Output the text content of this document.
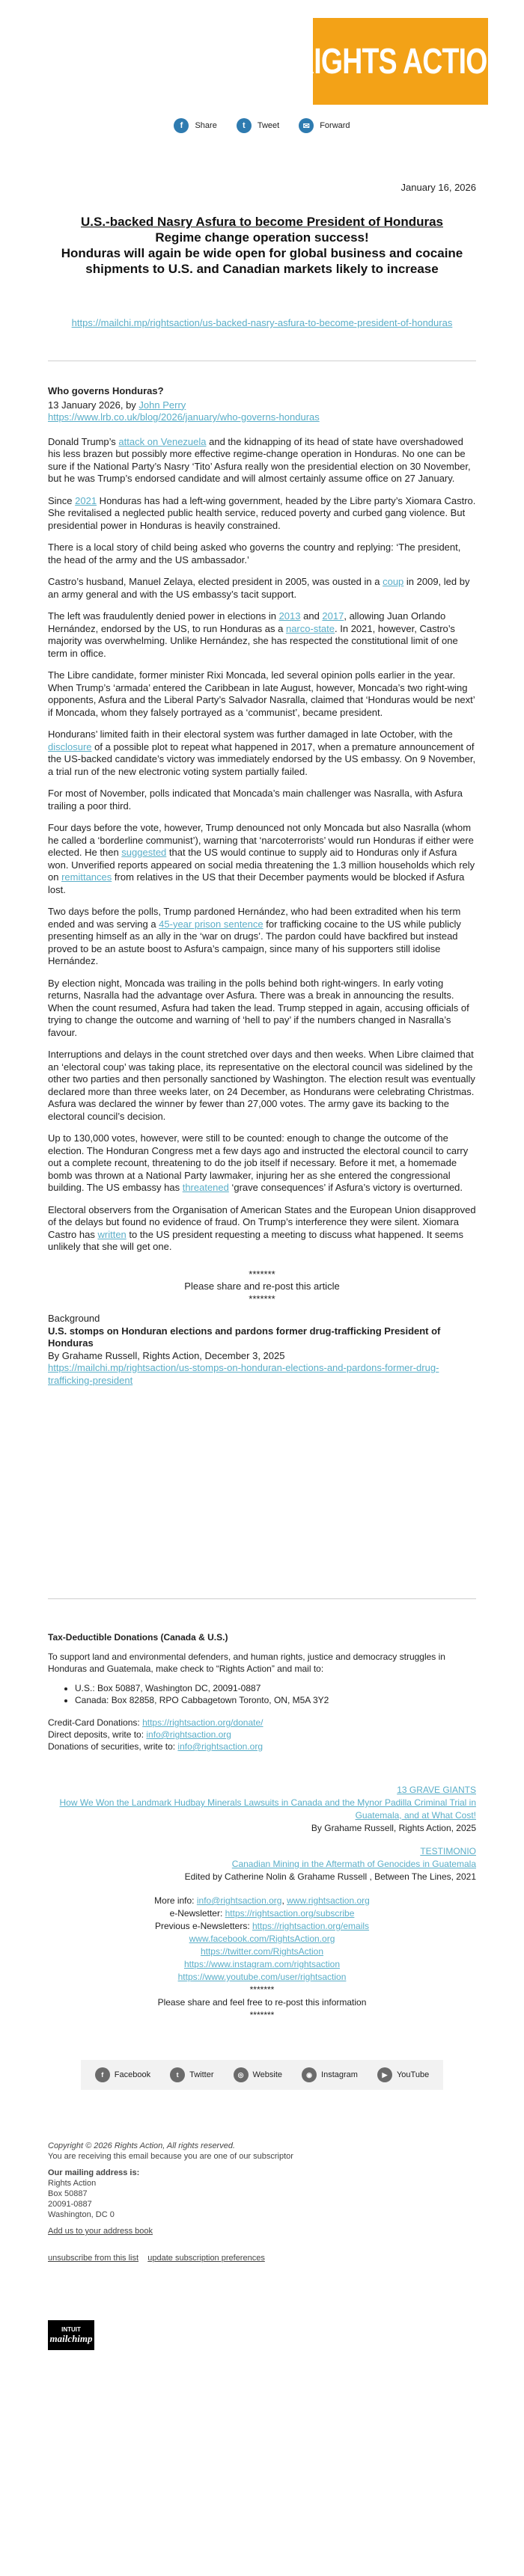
RIGHTS ACTION
f	Share	t	Tweet	✉	Forward
January 16, 2026
U.S.-backed Nasry Asfura to become President of Honduras
Regime change operation success!
Honduras will again be wide open for global business and cocaine shipments to U.S. and Canadian markets likely to increase
https://mailchi.mp/rightsaction/us-backed-nasry-asfura-to-become-president-of-honduras
Who governs Honduras?
13 January 2026, by John Perry
https://www.lrb.co.uk/blog/2026/january/who-governs-honduras

Donald Trump’s attack on Venezuela and the kidnapping of its head of state have overshadowed his less brazen but possibly more effective regime-change operation in Honduras. No one can be sure if the National Party’s Nasry ‘Tito’ Asfura really won the presidential election on 30 November, but he was Trump’s endorsed candidate and will almost certainly assume office on 27 January.

Since 2021 Honduras has had a left-wing government, headed by the Libre party’s Xiomara Castro. She revitalised a neglected public health service, reduced poverty and curbed gang violence. But presidential power in Honduras is heavily constrained.

There is a local story of child being asked who governs the country and replying: ‘The president, the head of the army and the US ambassador.’

Castro’s husband, Manuel Zelaya, elected president in 2005, was ousted in a coup in 2009, led by an army general and with the US embassy’s tacit support.

The left was fraudulently denied power in elections in 2013 and 2017, allowing Juan Orlando Hernández, endorsed by the US, to run Honduras as a narco-state. In 2021, however, Castro’s majority was overwhelming. Unlike Hernández, she has respected the constitutional limit of one term in office.

The Libre candidate, former minister Rixi Moncada, led several opinion polls earlier in the year. When Trump’s ‘armada’ entered the Caribbean in late August, however, Moncada’s two right-wing opponents, Asfura and the Liberal Party’s Salvador Nasralla, claimed that ‘Honduras would be next’ if Moncada, whom they falsely portrayed as a ‘communist’, became president.

Hondurans’ limited faith in their electoral system was further damaged in late October, with the disclosure of a possible plot to repeat what happened in 2017, when a premature announcement of the US-backed candidate’s victory was immediately endorsed by the US embassy. On 9 November, a trial run of the new electronic voting system partially failed.

For most of November, polls indicated that Moncada’s main challenger was Nasralla, with Asfura trailing a poor third.

Four days before the vote, however, Trump denounced not only Moncada but also Nasralla (whom he called a ‘borderline communist’), warning that ‘narcoterrorists’ would run Honduras if either were elected. He then suggested that the US would continue to supply aid to Honduras only if Asfura won. Unverified reports appeared on social media threatening the 1.3 million households which rely on remittances from relatives in the US that their December payments would be blocked if Asfura lost.

Two days before the polls, Trump pardoned Hernández, who had been extradited when his term ended and was serving a 45-year prison sentence for trafficking cocaine to the US while publicly presenting himself as an ally in the ‘war on drugs’. The pardon could have backfired but instead proved to be an astute boost to Asfura’s campaign, since many of his supporters still idolise Hernández.

By election night, Moncada was trailing in the polls behind both right-wingers. In early voting returns, Nasralla had the advantage over Asfura. There was a break in announcing the results. When the count resumed, Asfura had taken the lead. Trump stepped in again, accusing officials of trying to change the outcome and warning of ‘hell to pay’ if the numbers changed in Nasralla’s favour.

Interruptions and delays in the count stretched over days and then weeks. When Libre claimed that an ‘electoral coup’ was taking place, its representative on the electoral council was sidelined by the other two parties and then personally sanctioned by Washington. The election result was eventually declared more than three weeks later, on 24 December, as Hondurans were celebrating Christmas. Asfura was declared the winner by fewer than 27,000 votes. The army gave its backing to the electoral council’s decision.

Up to 130,000 votes, however, were still to be counted: enough to change the outcome of the election. The Honduran Congress met a few days ago and instructed the electoral council to carry out a complete recount, threatening to do the job itself if necessary. Before it met, a homemade bomb was thrown at a National Party lawmaker, injuring her as she entered the congressional building. The US embassy has threatened ‘grave consequences’ if Asfura’s victory is overturned.

Electoral observers from the Organisation of American States and the European Union disapproved of the delays but found no evidence of fraud. On Trump’s interference they were silent. Xiomara Castro has written to the US president requesting a meeting to discuss what happened. It seems unlikely that she will get one.

*******
Please share and re-post this article
*******
Background
U.S. stomps on Honduran elections and pardons former drug-trafficking President of Honduras
By Grahame Russell, Rights Action, December 3, 2025
https://mailchi.mp/rightsaction/us-stomps-on-honduran-elections-and-pardons-former-drug-trafficking-president

Tax-Deductible Donations (Canada & U.S.)

To support land and environmental defenders, and human rights, justice and democracy struggles in Honduras and Guatemala, make check to “Rights Action” and mail to:

• U.S.: Box 50887, Washington DC, 20091-0887
• Canada: Box 82858, RPO Cabbagetown Toronto, ON, M5A 3Y2
Credit-Card Donations: https://rightsaction.org/donate/
Direct deposits, write to: info@rightsaction.org
Donations of securities, write to: info@rightsaction.org
13 GRAVE GIANTS
How We Won the Landmark Hudbay Minerals Lawsuits in Canada and the Mynor Padilla Criminal Trial in Guatemala, and at What Cost!
By Grahame Russell, Rights Action, 2025
TESTIMONIO
Canadian Mining in the Aftermath of Genocides in Guatemala
Edited by Catherine Nolin & Grahame Russell , Between The Lines, 2021
More info: info@rightsaction.org, www.rightsaction.org
e-Newsletter: https://rightsaction.org/subscribe
Previous e-Newsletters: https://rightsaction.org/emails
www.facebook.com/RightsAction.org
https://twitter.com/RightsAction
https://www.instagram.com/rightsaction
https://www.youtube.com/user/rightsaction
*******
Please share and feel free to re-post this information
*******
f	Facebook	t	Twitter	◎	Website	◉	Instagram	▶	YouTube

Copyright © 2026 Rights Action, All rights reserved.
You are receiving this email because you are one of our subscriptor

Our mailing address is:
Rights Action
Box 50887
20091-0887
Washington, DC 0

Add us to your address book

unsubscribe from this list update subscription preferences

INTUIT
mailchimp
